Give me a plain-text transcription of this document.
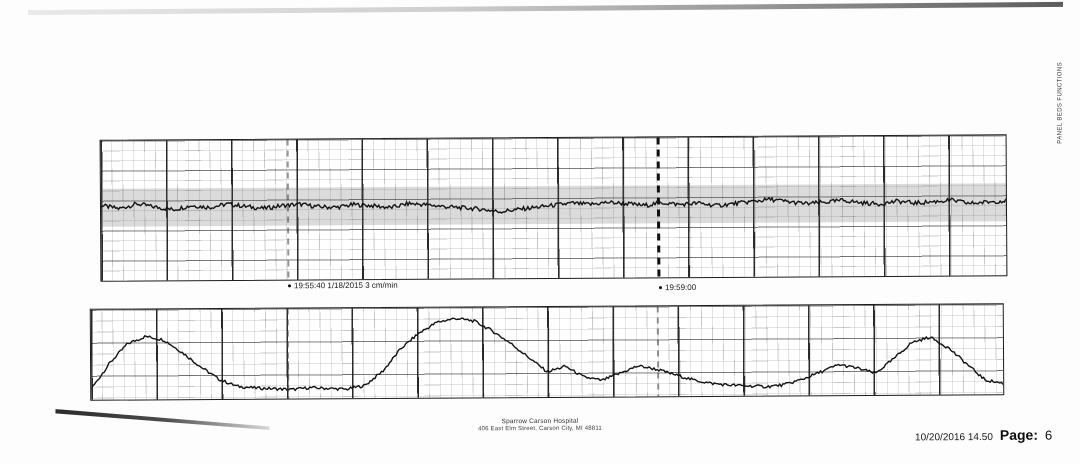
PANEL BEDS FUNCTIONS
19:55:40 1/18/2015 3 cm/min	19:59:00
Sparrow Carson Hospital
406 East Elm Street, Carson City, MI 48811
10/20/2016 14.50 Page: 6
